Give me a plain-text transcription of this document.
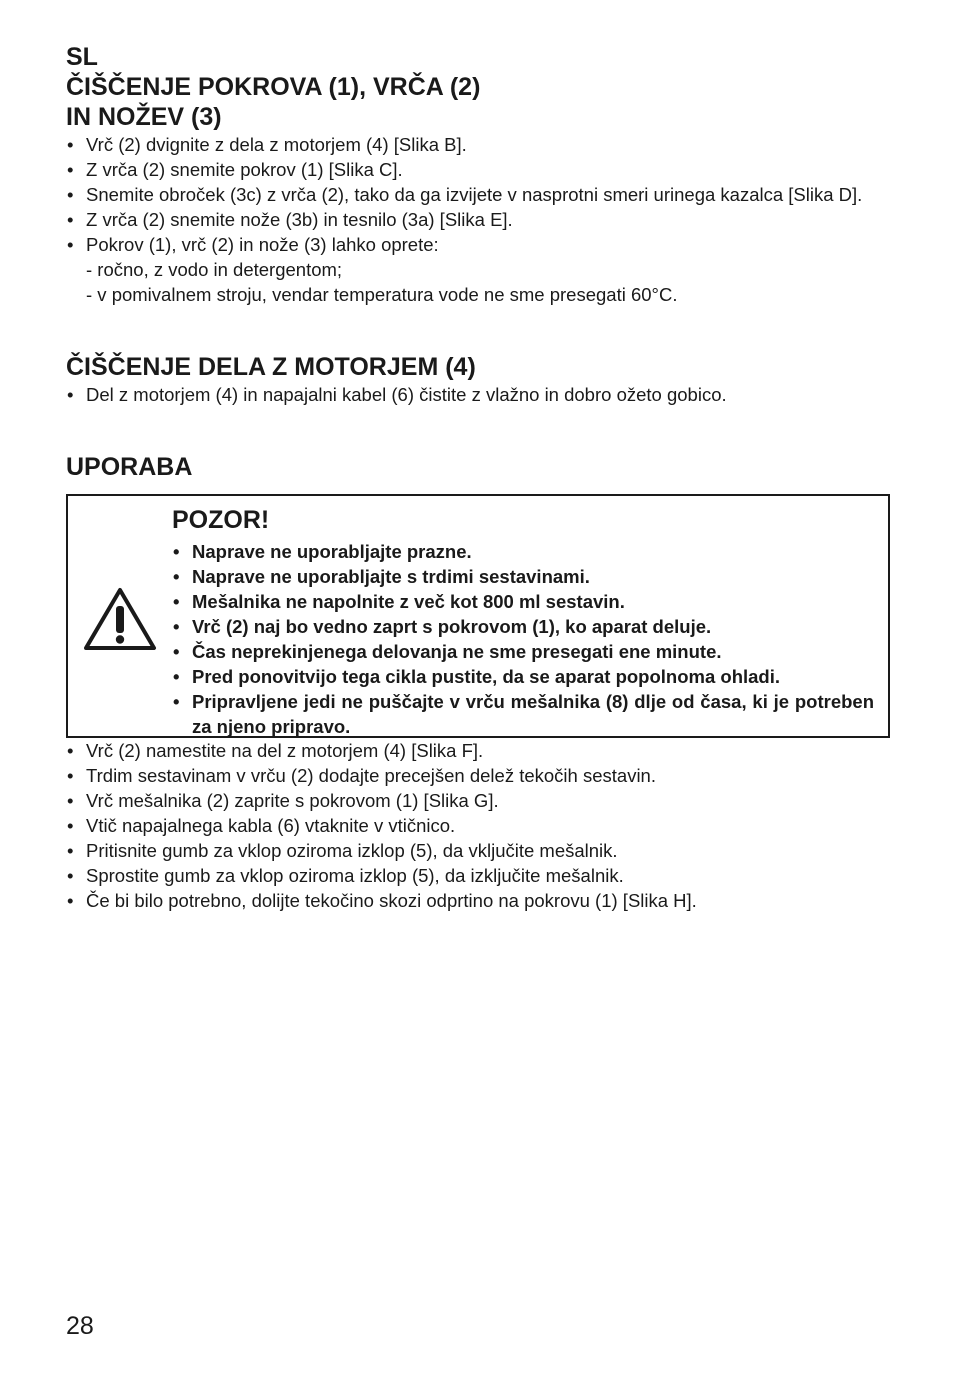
SL
ČIŠČENJE POKROVA (1), VRČA (2)
IN NOŽEV (3)
• Vrč (2) dvignite z dela z motorjem (4) [Slika B].
• Z vrča (2) snemite pokrov (1) [Slika C].
• Snemite obroček (3c) z vrča (2), tako da ga izvijete v nasprotni smeri urinega kazalca [Slika D].
• Z vrča (2) snemite nože (3b) in tesnilo (3a) [Slika E].
• Pokrov (1), vrč (2) in nože (3) lahko oprete:
- ročno, z vodo in detergentom;
- v pomivalnem stroju, vendar temperatura vode ne sme presegati 60°C.
ČIŠČENJE DELA Z MOTORJEM (4)
• Del z motorjem (4) in napajalni kabel (6) čistite z vlažno in dobro ožeto gobico.
UPORABA
POZOR!
• Naprave ne uporabljajte prazne.
• Naprave ne uporabljajte s trdimi sestavinami.
• Mešalnika ne napolnite z več kot 800 ml sestavin.
• Vrč (2) naj bo vedno zaprt s pokrovom (1), ko aparat deluje.
• Čas neprekinjenega delovanja ne sme presegati ene minute.
• Pred ponovitvijo tega cikla pustite, da se aparat popolnoma ohladi.
• Pripravljene jedi ne puščajte v vrču mešalnika (8) dlje od časa, ki je potreben za njeno pripravo.
• Vrč (2) namestite na del z motorjem (4) [Slika F].
• Trdim sestavinam v vrču (2) dodajte precejšen delež tekočih sestavin.
• Vrč mešalnika (2) zaprite s pokrovom (1) [Slika G].
• Vtič napajalnega kabla (6) vtaknite v vtičnico.
• Pritisnite gumb za vklop oziroma izklop (5), da vključite mešalnik.
• Sprostite gumb za vklop oziroma izklop (5), da izključite mešalnik.
• Če bi bilo potrebno, dolijte tekočino skozi odprtino na pokrovu (1) [Slika H].
28
